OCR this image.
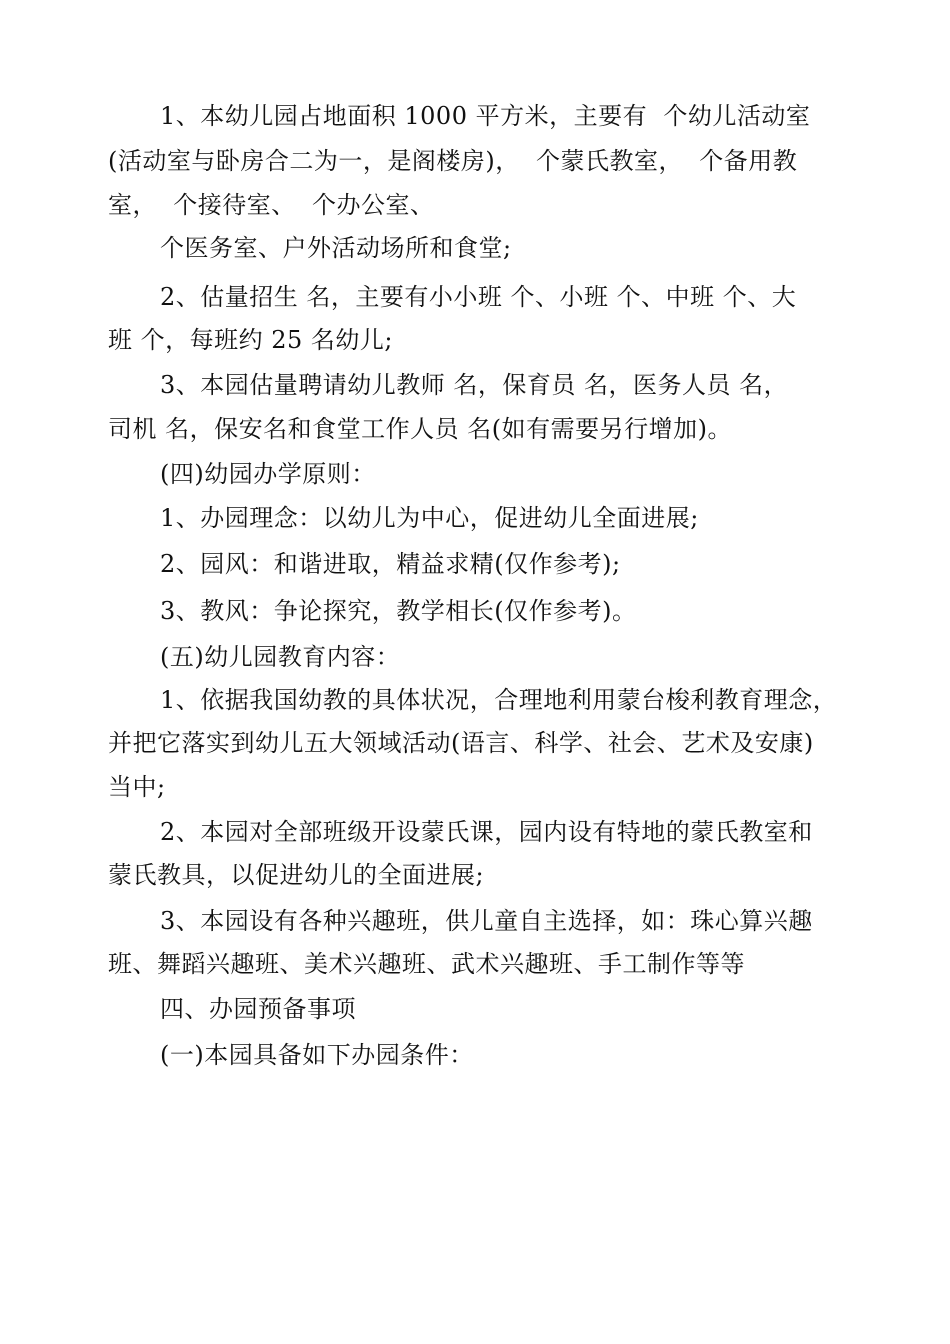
1、本幼儿园占地面积 1000 平方米，主要有  个幼儿活动室

(活动室与卧房合二为一，是阁楼房)，  个蒙氏教室，  个备用教

室，  个接待室、  个办公室、

个医务室、户外活动场所和食堂;

2、估量招生 名，主要有小小班 个、小班 个、中班 个、大

班 个，每班约 25 名幼儿;

3、本园估量聘请幼儿教师 名，保育员 名，医务人员 名，

司机 名，保安名和食堂工作人员 名(如有需要另行增加)。

(四)幼园办学原则：

1、办园理念：以幼儿为中心，促进幼儿全面进展;

2、园风：和谐进取，精益求精(仅作参考);

3、教风：争论探究，教学相长(仅作参考)。

(五)幼儿园教育内容：

1、依据我国幼教的具体状况，合理地利用蒙台梭利教育理念，

并把它落实到幼儿五大领域活动(语言、科学、社会、艺术及安康)

当中;

2、本园对全部班级开设蒙氏课，园内设有特地的蒙氏教室和

蒙氏教具，以促进幼儿的全面进展;

3、本园设有各种兴趣班，供儿童自主选择，如：珠心算兴趣

班、舞蹈兴趣班、美术兴趣班、武术兴趣班、手工制作等等

四、办园预备事项

(一)本园具备如下办园条件：
